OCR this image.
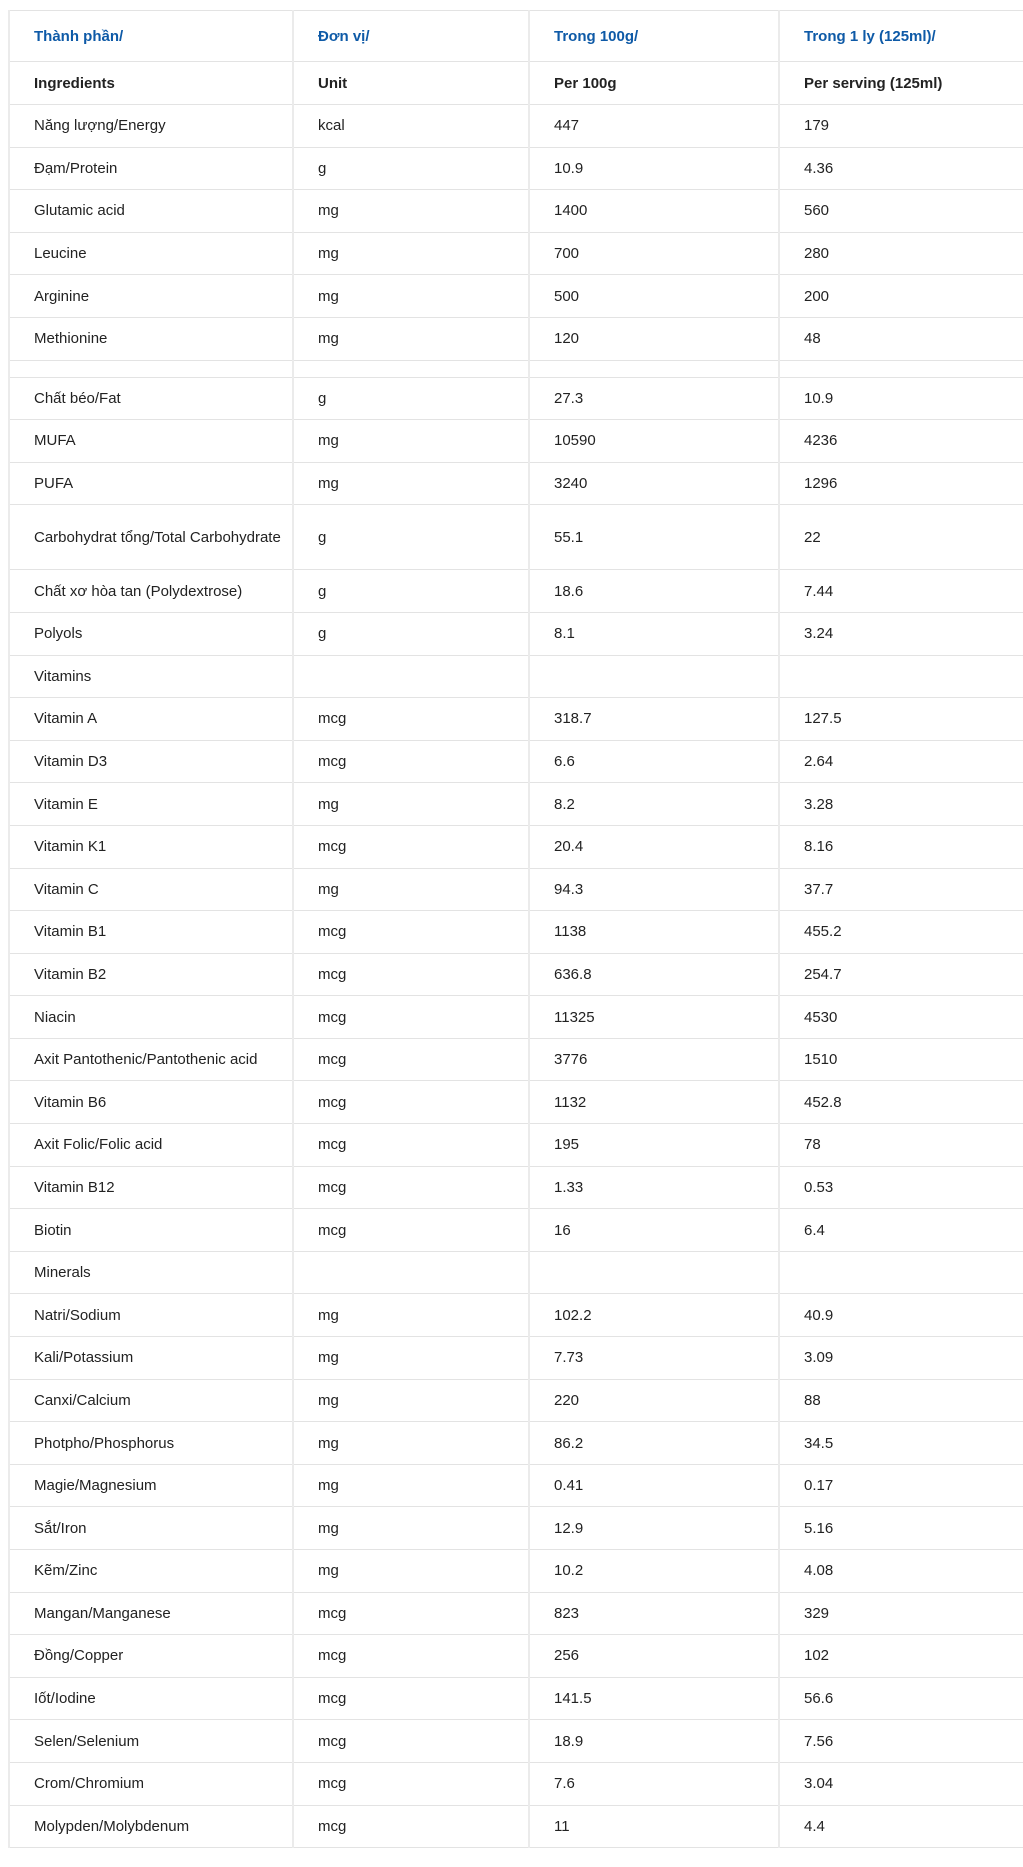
Thành phần/	Đơn vị/	Trong 100g/	Trong 1 ly (125ml)/
Ingredients	Unit	Per 100g	Per serving (125ml)
Năng lượng/Energy	kcal	447	179
Đạm/Protein	g	10.9	4.36
Glutamic acid	mg	1400	560
Leucine	mg	700	280
Arginine	mg	500	200
Methionine	mg	120	48

Chất béo/Fat	g	27.3	10.9
MUFA	mg	10590	4236
PUFA	mg	3240	1296
Carbohydrat tổng/Total Carbohydrate	g	55.1	22
Chất xơ hòa tan (Polydextrose)	g	18.6	7.44
Polyols	g	8.1	3.24
Vitamins			
Vitamin A	mcg	318.7	127.5
Vitamin D3	mcg	6.6	2.64
Vitamin E	mg	8.2	3.28
Vitamin K1	mcg	20.4	8.16
Vitamin C	mg	94.3	37.7
Vitamin B1	mcg	1138	455.2
Vitamin B2	mcg	636.8	254.7
Niacin	mcg	11325	4530
Axit Pantothenic/Pantothenic acid	mcg	3776	1510
Vitamin B6	mcg	1132	452.8
Axit Folic/Folic acid	mcg	195	78
Vitamin B12	mcg	1.33	0.53
Biotin	mcg	16	6.4
Minerals			
Natri/Sodium	mg	102.2	40.9
Kali/Potassium	mg	7.73	3.09
Canxi/Calcium	mg	220	88
Photpho/Phosphorus	mg	86.2	34.5
Magie/Magnesium	mg	0.41	0.17
Sắt/Iron	mg	12.9	5.16
Kẽm/Zinc	mg	10.2	4.08
Mangan/Manganese	mcg	823	329
Đồng/Copper	mcg	256	102
Iốt/Iodine	mcg	141.5	56.6
Selen/Selenium	mcg	18.9	7.56
Crom/Chromium	mcg	7.6	3.04
Molypden/Molybdenum	mcg	11	4.4
